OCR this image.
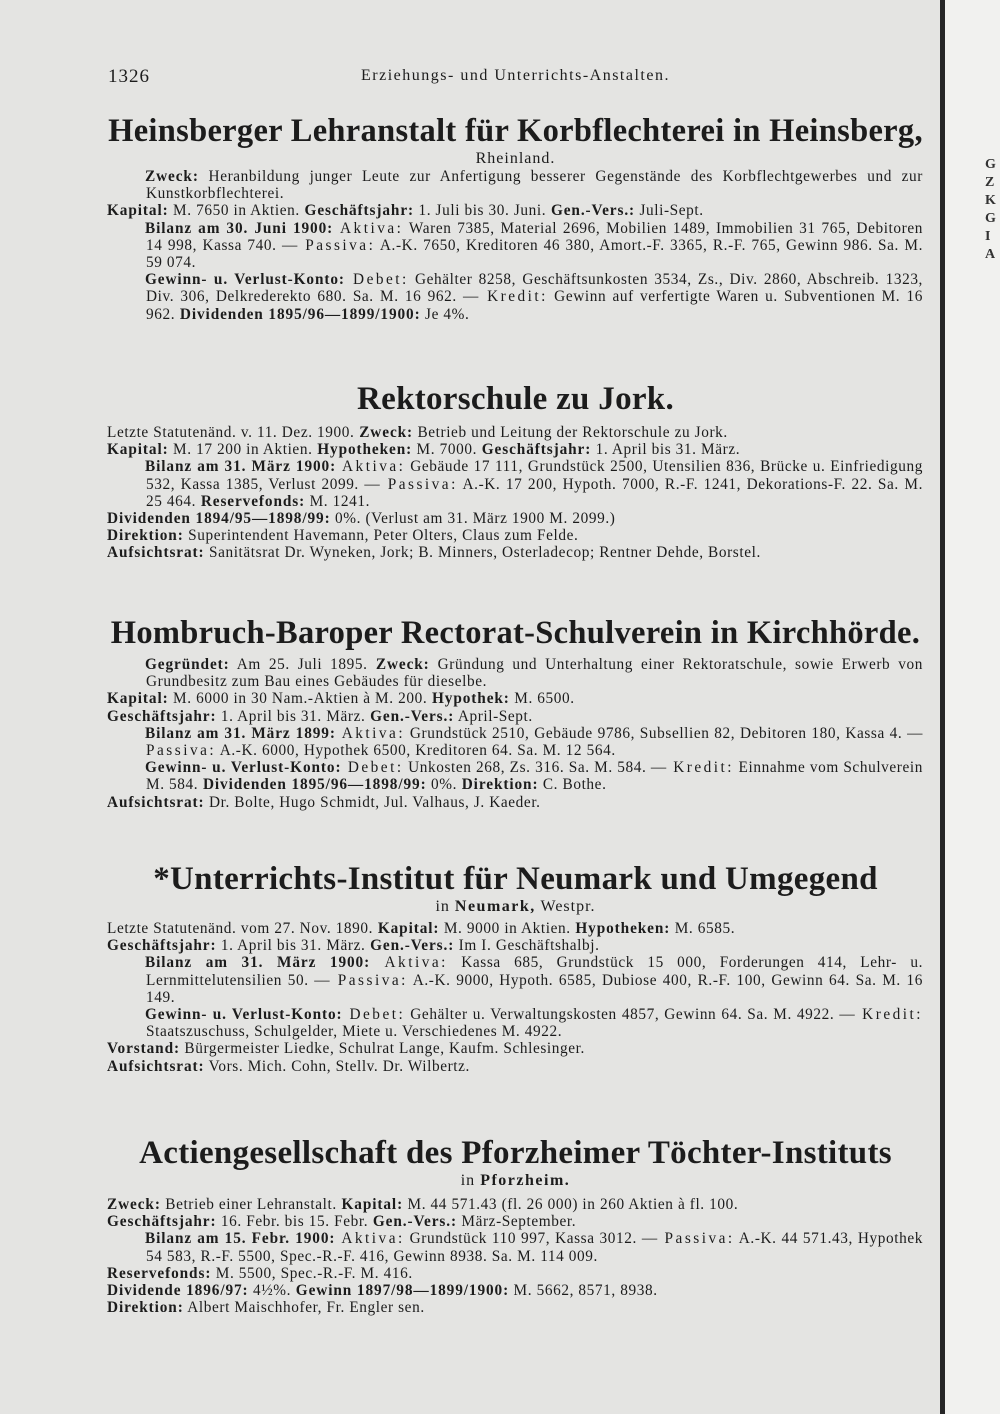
G
Z
K
G
I
A
1326	Erziehungs- und Unterrichts-Anstalten.
Heinsberger Lehranstalt für Korbflechterei in Heinsberg,
Rheinland.

Zweck: Heranbildung junger Leute zur Anfertigung besserer Gegenstände des Korbflechtgewerbes und zur Kunstkorbflechterei.

Kapital: M. 7650 in Aktien. Geschäftsjahr: 1. Juli bis 30. Juni. Gen.-Vers.: Juli-Sept.

Bilanz am 30. Juni 1900: Aktiva: Waren 7385, Material 2696, Mobilien 1489, Immobilien 31 765, Debitoren 14 998, Kassa 740. — Passiva: A.-K. 7650, Kreditoren 46 380, Amort.-F. 3365, R.-F. 765, Gewinn 986. Sa. M. 59 074.

Gewinn- u. Verlust-Konto: Debet: Gehälter 8258, Geschäftsunkosten 3534, Zs., Div. 2860, Abschreib. 1323, Div. 306, Delkrederekto 680. Sa. M. 16 962. — Kredit: Gewinn auf verfertigte Waren u. Subventionen M. 16 962. Dividenden 1895/96—1899/1900: Je 4%.

Rektorschule zu Jork.

Letzte Statutenänd. v. 11. Dez. 1900. Zweck: Betrieb und Leitung der Rektorschule zu Jork.

Kapital: M. 17 200 in Aktien. Hypotheken: M. 7000. Geschäftsjahr: 1. April bis 31. März.

Bilanz am 31. März 1900: Aktiva: Gebäude 17 111, Grundstück 2500, Utensilien 836, Brücke u. Einfriedigung 532, Kassa 1385, Verlust 2099. — Passiva: A.-K. 17 200, Hypoth. 7000, R.-F. 1241, Dekorations-F. 22. Sa. M. 25 464. Reservefonds: M. 1241.

Dividenden 1894/95—1898/99: 0%. (Verlust am 31. März 1900 M. 2099.)

Direktion: Superintendent Havemann, Peter Olters, Claus zum Felde.

Aufsichtsrat: Sanitätsrat Dr. Wyneken, Jork; B. Minners, Osterladecop; Rentner Dehde, Borstel.

Hombruch-Baroper Rectorat-Schulverein in Kirchhörde.

Gegründet: Am 25. Juli 1895. Zweck: Gründung und Unterhaltung einer Rektoratschule, sowie Erwerb von Grundbesitz zum Bau eines Gebäudes für dieselbe.

Kapital: M. 6000 in 30 Nam.-Aktien à M. 200. Hypothek: M. 6500.

Geschäftsjahr: 1. April bis 31. März. Gen.-Vers.: April-Sept.

Bilanz am 31. März 1899: Aktiva: Grundstück 2510, Gebäude 9786, Subsellien 82, Debitoren 180, Kassa 4. — Passiva: A.-K. 6000, Hypothek 6500, Kreditoren 64. Sa. M. 12 564.

Gewinn- u. Verlust-Konto: Debet: Unkosten 268, Zs. 316. Sa. M. 584. — Kredit: Einnahme vom Schulverein M. 584. Dividenden 1895/96—1898/99: 0%. Direktion: C. Bothe.

Aufsichtsrat: Dr. Bolte, Hugo Schmidt, Jul. Valhaus, J. Kaeder.

*Unterrichts-Institut für Neumark und Umgegend
in Neumark, Westpr.

Letzte Statutenänd. vom 27. Nov. 1890. Kapital: M. 9000 in Aktien. Hypotheken: M. 6585.

Geschäftsjahr: 1. April bis 31. März. Gen.-Vers.: Im I. Geschäftshalbj.

Bilanz am 31. März 1900: Aktiva: Kassa 685, Grundstück 15 000, Forderungen 414, Lehr- u. Lernmittelutensilien 50. — Passiva: A.-K. 9000, Hypoth. 6585, Dubiose 400, R.-F. 100, Gewinn 64. Sa. M. 16 149.

Gewinn- u. Verlust-Konto: Debet: Gehälter u. Verwaltungskosten 4857, Gewinn 64. Sa. M. 4922. — Kredit: Staatszuschuss, Schulgelder, Miete u. Verschiedenes M. 4922.

Vorstand: Bürgermeister Liedke, Schulrat Lange, Kaufm. Schlesinger.

Aufsichtsrat: Vors. Mich. Cohn, Stellv. Dr. Wilbertz.

Actiengesellschaft des Pforzheimer Töchter-Instituts
in Pforzheim.

Zweck: Betrieb einer Lehranstalt. Kapital: M. 44 571.43 (fl. 26 000) in 260 Aktien à fl. 100.

Geschäftsjahr: 16. Febr. bis 15. Febr. Gen.-Vers.: März-September.

Bilanz am 15. Febr. 1900: Aktiva: Grundstück 110 997, Kassa 3012. — Passiva: A.-K. 44 571.43, Hypothek 54 583, R.-F. 5500, Spec.-R.-F. 416, Gewinn 8938. Sa. M. 114 009.

Reservefonds: M. 5500, Spec.-R.-F. M. 416.

Dividende 1896/97: 4½%. Gewinn 1897/98—1899/1900: M. 5662, 8571, 8938.

Direktion: Albert Maischhofer, Fr. Engler sen.
